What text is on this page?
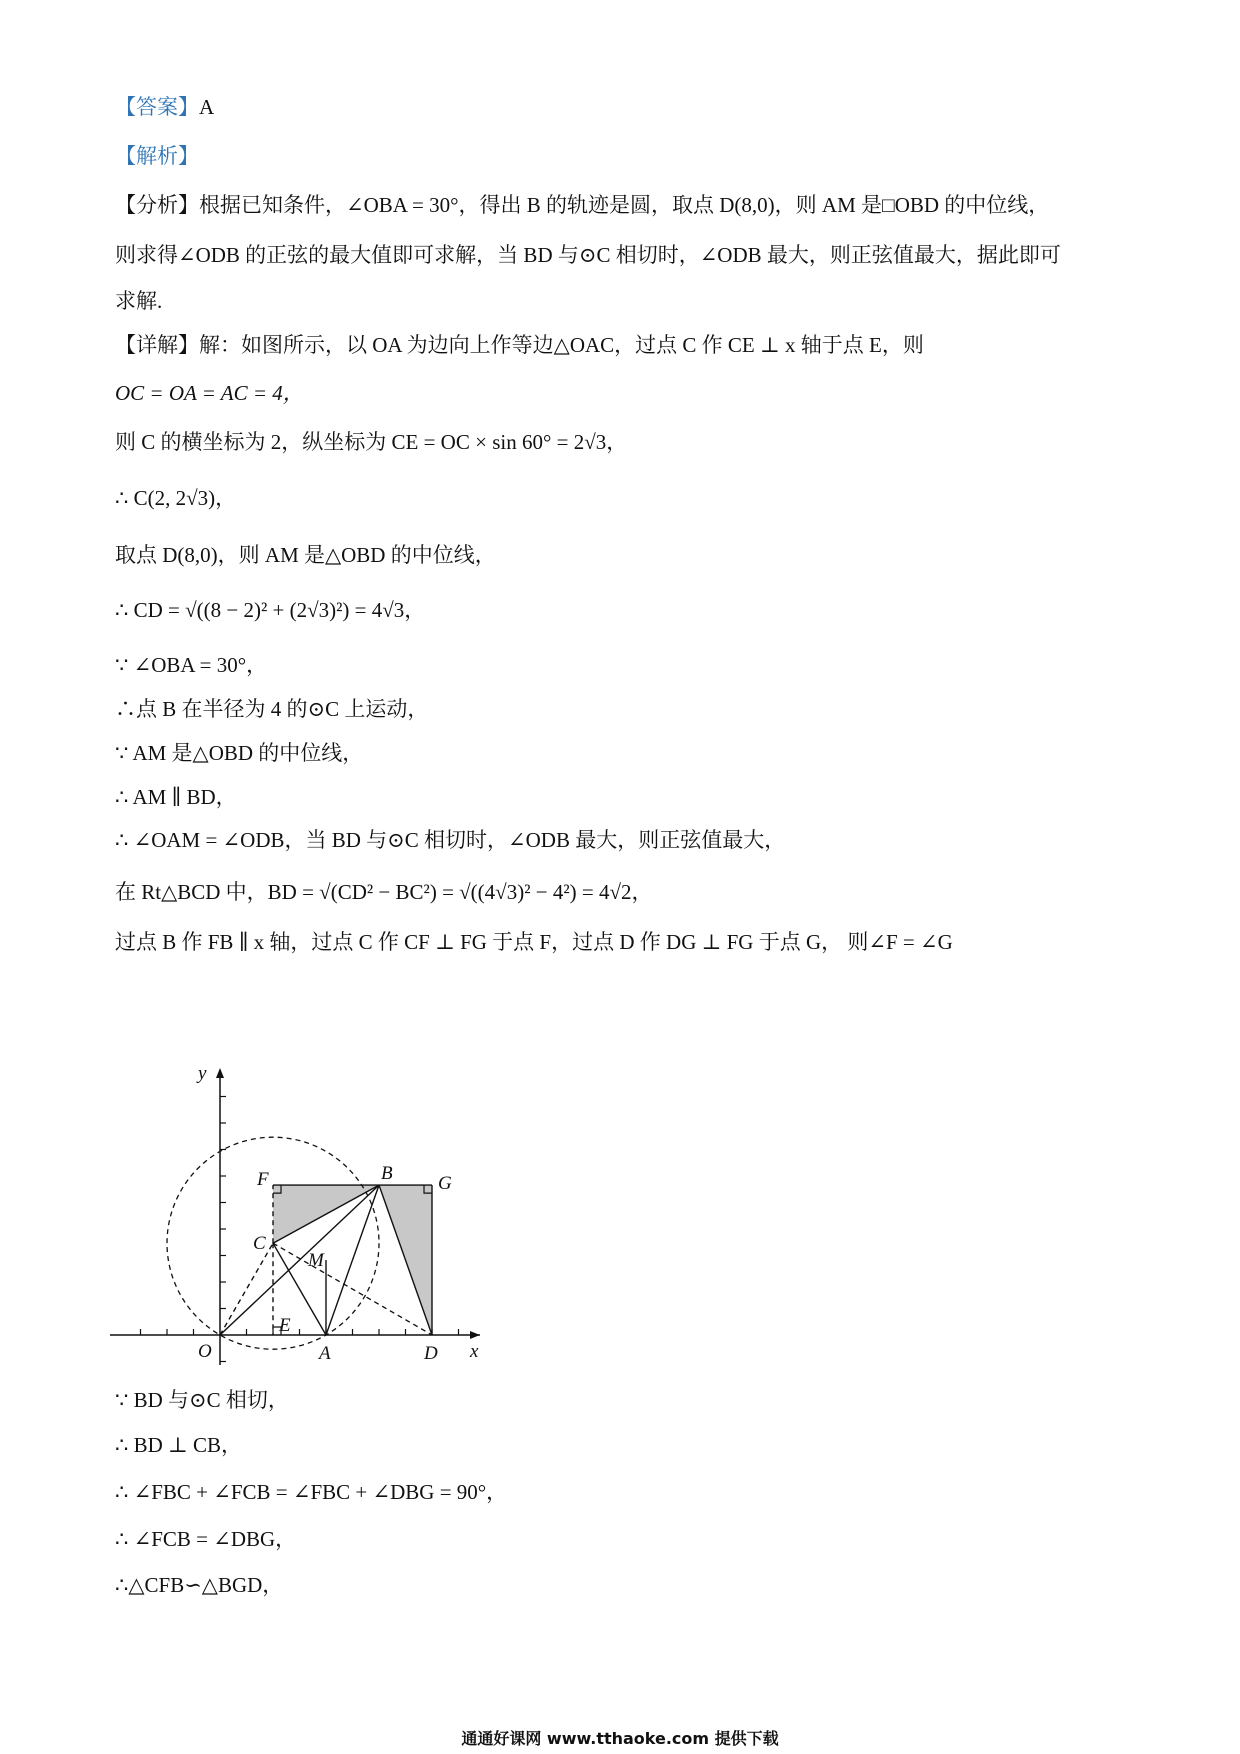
【答案】A
【解析】
【分析】根据已知条件，∠OBA = 30°，得出 B 的轨迹是圆，取点 D(8,0)，则 AM 是□OBD 的中位线，
则求得∠ODB 的正弦的最大值即可求解，当 BD 与⊙C 相切时，∠ODB 最大，则正弦值最大，据此即可
求解.
【详解】解：如图所示，以 OA 为边向上作等边△OAC，过点 C 作 CE ⊥ x 轴于点 E，则
OC = OA = AC = 4，
则 C 的横坐标为 2，纵坐标为 CE = OC × sin 60° = 2√3，
∴ C(2, 2√3)，
取点 D(8,0)，则 AM 是△OBD 的中位线，
∴ CD = √((8 − 2)² + (2√3)²) = 4√3，
∵ ∠OBA = 30°，
∴点 B 在半径为 4 的⊙C 上运动，
∵ AM 是△OBD 的中位线，
∴ AM ∥ BD，
∴ ∠OAM = ∠ODB，当 BD 与⊙C 相切时，∠ODB 最大，则正弦值最大，
在 Rt△BCD 中，BD = √(CD² − BC²) = √((4√3)² − 4²) = 4√2，
过点 B 作 FB ∥ x 轴，过点 C 作 CF ⊥ FG 于点 F，过点 D 作 DG ⊥ FG 于点 G， 则∠F = ∠G
O	A	D
E
C
F	B G
M
y
x
∵ BD 与⊙C 相切，
∴ BD ⊥ CB，
∴ ∠FBC + ∠FCB = ∠FBC + ∠DBG = 90°，
∴ ∠FCB = ∠DBG，
∴△CFB∽△BGD，
通通好课网 www.tthaoke.com 提供下载
